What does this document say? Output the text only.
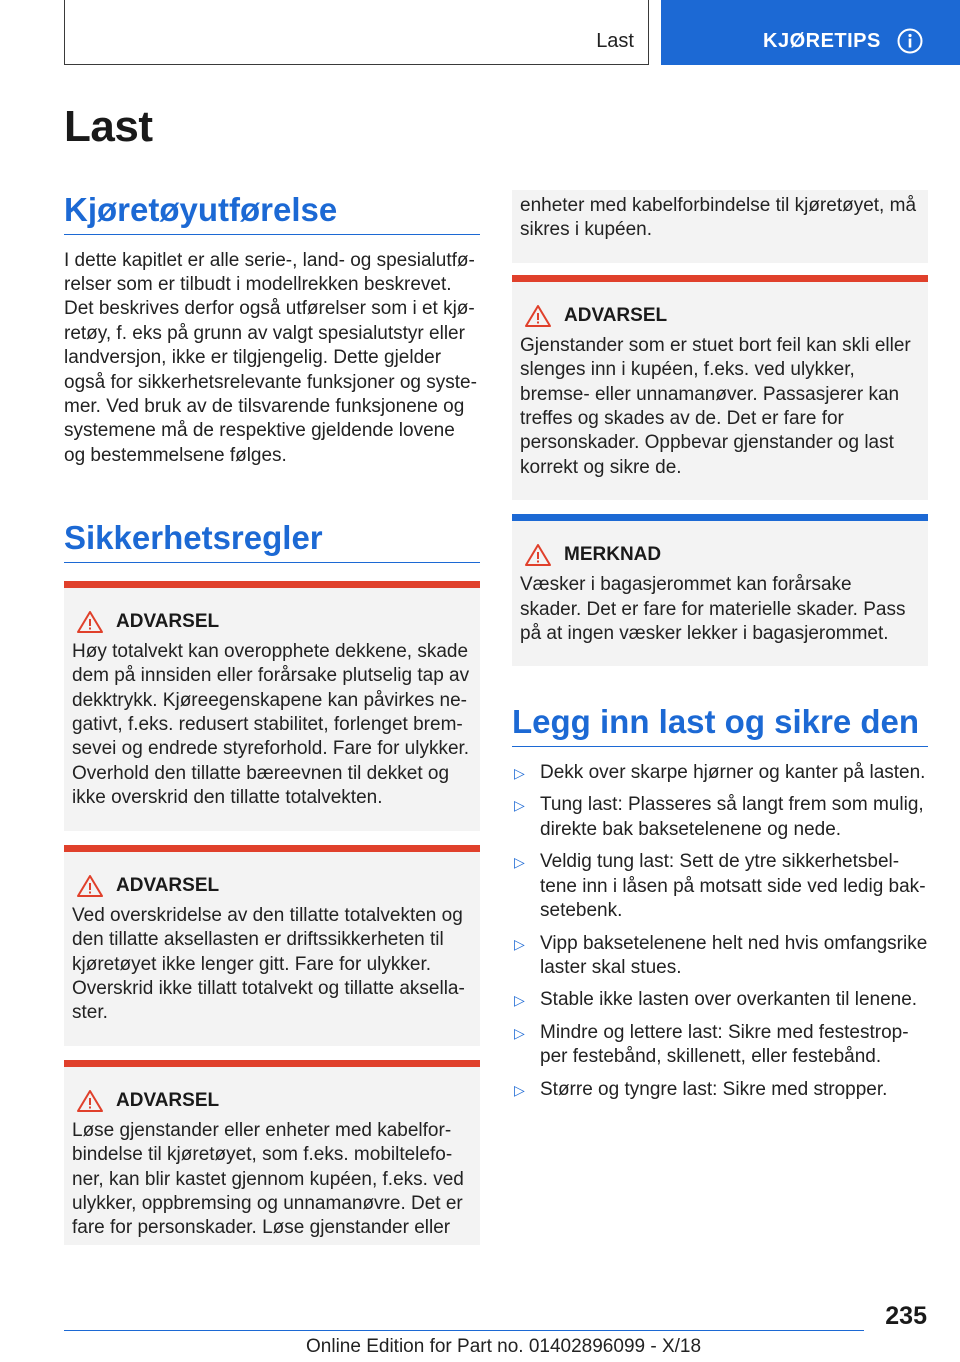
Last	KJØRETIPS
Last
Kjøretøyutførelse

I dette kapitlet er alle serie-, land- og spesialutførelser som er tilbudt i modellrekken beskrevet. Det beskrives derfor også utførelser som i et kjøretøy, f. eks på grunn av valgt spesialutstyr eller landversjon, ikke er tilgjengelig. Dette gjelder også for sikkerhetsrelevante funksjoner og systemer. Ved bruk av de tilsvarende funksjonene og systemene må de respektive gjeldende lovene og bestemmelsene følges.

Sikkerhetsregler
ADVARSEL

Høy totalvekt kan overopphete dekkene, skade dem på innsiden eller forårsake plutselig tap av dekktrykk. Kjøreegenskapene kan påvirkes negativt, f.eks. redusert stabilitet, forlenget bremsevei og endrede styreforhold. Fare for ulykker. Overhold den tillatte bæreevnen til dekket og ikke overskrid den tillatte totalvekten.

ADVARSEL

Ved overskridelse av den tillatte totalvekten og den tillatte aksellasten er driftssikkerheten til kjøretøyet ikke lenger gitt. Fare for ulykker. Overskrid ikke tillatt totalvekt og tillatte aksellaster.

ADVARSEL

Løse gjenstander eller enheter med kabelforbindelse til kjøretøyet, som f.eks. mobiltelefoner, kan blir kastet gjennom kupéen, f.eks. ved ulykker, oppbremsing og unnamanøvre. Det er fare for personskader. Løse gjenstander eller

enheter med kabelforbindelse til kjøretøyet, må sikres i kupéen.

ADVARSEL

Gjenstander som er stuet bort feil kan skli eller slenges inn i kupéen, f.eks. ved ulykker, bremse- eller unnamanøver. Passasjerer kan treffes og skades av de. Det er fare for personskader. Oppbevar gjenstander og last korrekt og sikre de.

MERKNAD

Væsker i bagasjerommet kan forårsake skader. Det er fare for materielle skader. Pass på at ingen væsker lekker i bagasjerommet.

Legg inn last og sikre den
▷ Dekk over skarpe hjørner og kanter på lasten.
▷ Tung last: Plasseres så langt frem som mulig, direkte bak baksetelenene og nede.
▷ Veldig tung last: Sett de ytre sikkerhetsbeltene inn i låsen på motsatt side ved ledig baksetebenk.
▷ Vipp baksetelenene helt ned hvis omfangsrike laster skal stues.
▷ Stable ikke lasten over overkanten til lenene.
▷ Mindre og lettere last: Sikre med festestropper festebånd, skillenett, eller festebånd.
▷ Større og tyngre last: Sikre med stropper.
235
Online Edition for Part no. 01402896099 - X/18
